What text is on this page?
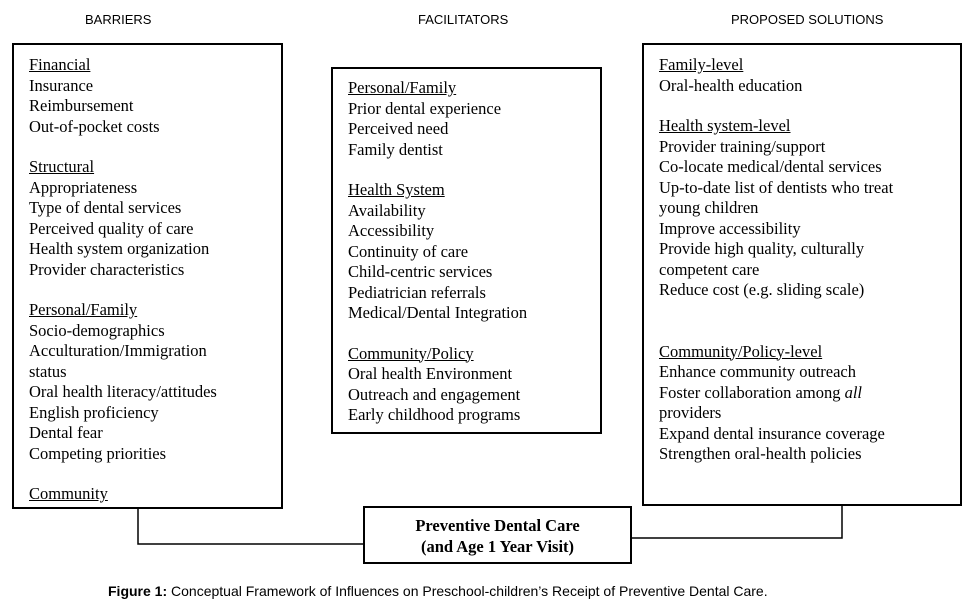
BARRIERS	FACILITATORS	PROPOSED SOLUTIONS
Financial
Insurance
Reimbursement
Out-of-pocket costs
Structural
Appropriateness
Type of dental services
Perceived quality of care
Health system organization
Provider characteristics
Personal/Family
Socio-demographics
Acculturation/Immigration
status
Oral health literacy/attitudes
English proficiency
Dental fear
Competing priorities
Community
Personal/Family
Prior dental experience
Perceived need
Family dentist
Health System
Availability
Accessibility
Continuity of care
Child-centric services
Pediatrician referrals
Medical/Dental Integration
Community/Policy
Oral health Environment
Outreach and engagement
Early childhood programs
Family-level
Oral-health education
Health system-level
Provider training/support
Co-locate medical/dental services
Up-to-date list of dentists who treat
young children
Improve accessibility
Provide high quality, culturally
competent care
Reduce cost (e.g. sliding scale)
Community/Policy-level
Enhance community outreach
Foster collaboration among all
providers
Expand dental insurance coverage
Strengthen oral-health policies
Preventive Dental Care
(and Age 1 Year Visit)
Figure 1: Conceptual Framework of Influences on Preschool-children’s Receipt of Preventive Dental Care.
